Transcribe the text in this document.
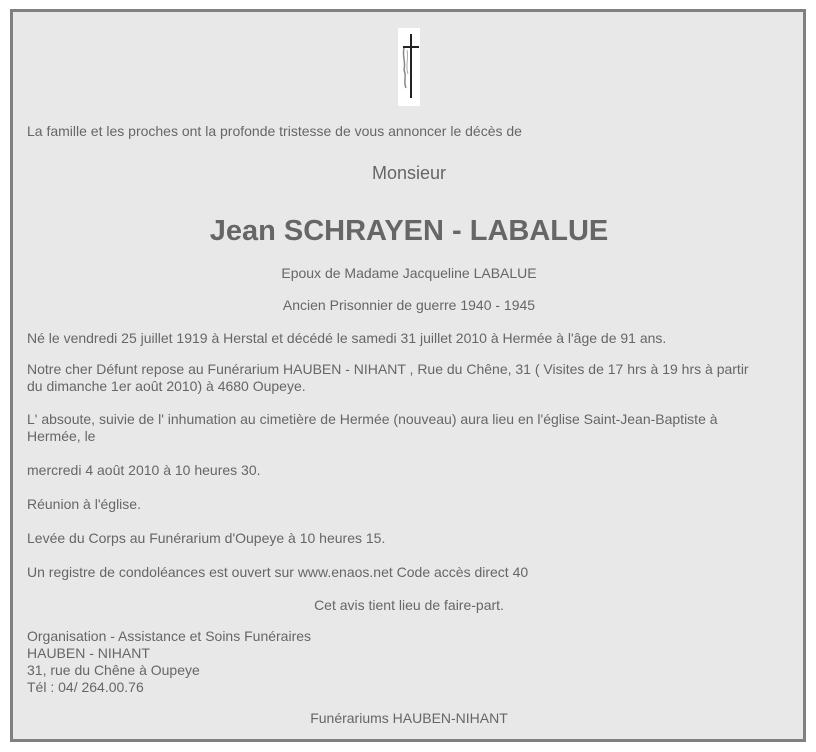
La famille et les proches ont la profonde tristesse de vous annoncer le décès de
Monsieur
Jean SCHRAYEN - LABALUE
Epoux de Madame Jacqueline LABALUE
Ancien Prisonnier de guerre 1940 - 1945
Né le vendredi 25 juillet 1919 à Herstal et décédé le samedi 31 juillet 2010 à Hermée à l'âge de 91 ans.
Notre cher Défunt repose au Funérarium HAUBEN - NIHANT , Rue du Chêne, 31 ( Visites de 17 hrs à 19 hrs à partir
du dimanche 1er août 2010) à 4680 Oupeye.
L' absoute, suivie de l' inhumation au cimetière de Hermée (nouveau) aura lieu en l'église Saint-Jean-Baptiste à
Hermée, le
mercredi 4 août 2010 à 10 heures 30.
Réunion à l'église.
Levée du Corps au Funérarium d'Oupeye à 10 heures 15.
Un registre de condoléances est ouvert sur www.enaos.net Code accès direct 40
Cet avis tient lieu de faire-part.
Organisation - Assistance et Soins Funéraires
HAUBEN - NIHANT
31, rue du Chêne à Oupeye
Tél : 04/ 264.00.76
Funérariums HAUBEN-NIHANT
